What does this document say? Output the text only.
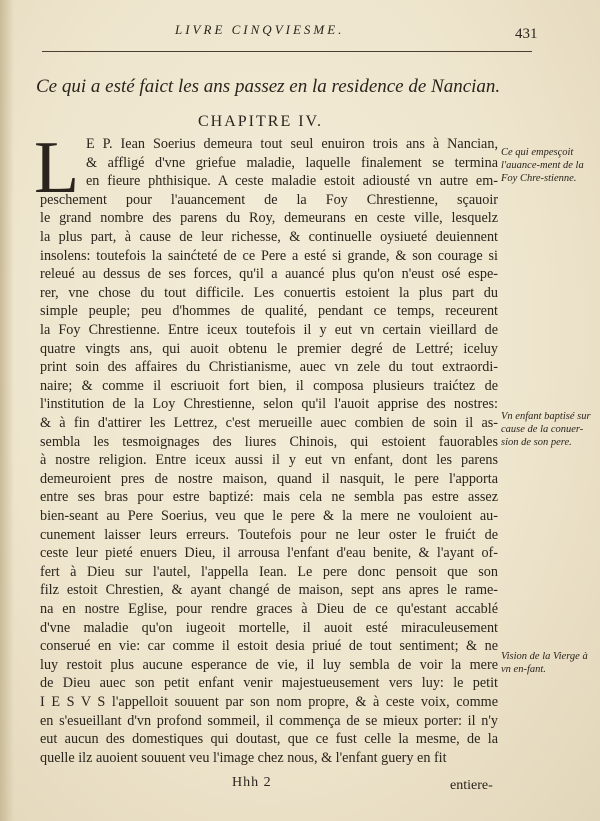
LIVRE CINQVIESME.	431
Ce qui a esté faict les ans passez en la residence de Nancian.
CHAPITRE IV.
L E P. Iean Soerius demeura tout seul enuiron trois ans à Nancian,
& affligé d'vne griefue maladie, laquelle finalement se termina
en fieure phthisique. A ceste maladie estoit adiousté vn autre em-
peschement pour l'auancement de la Foy Chrestienne, sçauoir
le grand nombre des parens du Roy, demeurans en ceste ville, lesquelz
la plus part, à cause de leur richesse, & continuelle oysiueté deuiennent
insolens: toutefois la sainćteté de ce Pere a esté si grande, & son courage si
releué au dessus de ses forces, qu'il a auancé plus qu'on n'eust osé espe-
rer, vne chose du tout difficile. Les conuertis estoient la plus part du
simple peuple; peu d'hommes de qualité, pendant ce temps, receurent
la Foy Chrestienne. Entre iceux toutefois il y eut vn certain vieillard de
quatre vingts ans, qui auoit obtenu le premier degré de Lettré; iceluy
print soin des affaires du Christianisme, auec vn zele du tout extraordi-
naire; & comme il escriuoit fort bien, il composa plusieurs traićtez de
l'institution de la Loy Chrestienne, selon qu'il l'auoit apprise des nostres:
& à fin d'attirer les Lettrez, c'est merueille auec combien de soin il as-
sembla les tesmoignages des liures Chinois, qui estoient fauorables
à nostre religion. Entre iceux aussi il y eut vn enfant, dont les parens
demeuroient pres de nostre maison, quand il nasquit, le pere l'apporta
entre ses bras pour estre baptizé: mais cela ne sembla pas estre assez
bien-seant au Pere Soerius, veu que le pere & la mere ne vouloient au-
cunement laisser leurs erreurs. Toutefois pour ne leur oster le fruićt de
ceste leur pieté enuers Dieu, il arrousa l'enfant d'eau benite, & l'ayant of-
fert à Dieu sur l'autel, l'appella Iean. Le pere donc pensoit que son
filz estoit Chrestien, & ayant changé de maison, sept ans apres le rame-
na en nostre Eglise, pour rendre graces à Dieu de ce qu'estant accablé
d'vne maladie qu'on iugeoit mortelle, il auoit esté miraculeusement
conserué en vie: car comme il estoit desia priué de tout sentiment; & ne
luy restoit plus aucune esperance de vie, il luy sembla de voir la mere
de Dieu auec son petit enfant venir majestueusement vers luy: le petit
I E S V S l'appelloit souuent par son nom propre, & à ceste voix, comme
en s'esueillant d'vn profond sommeil, il commença de se mieux porter: il n'y
eut aucun des domestiques qui doutast, que ce fust celle la mesme, de la
quelle ilz auoient souuent veu l'image chez nous, & l'enfant guery en fit
Ce qui empesçoit l'auance-ment de la Foy Chre-stienne.
Vn enfant baptisé sur cause de la conuer-sion de son pere.
Vision de la Vierge à vn en-fant.
Hhh 2	entiere-
